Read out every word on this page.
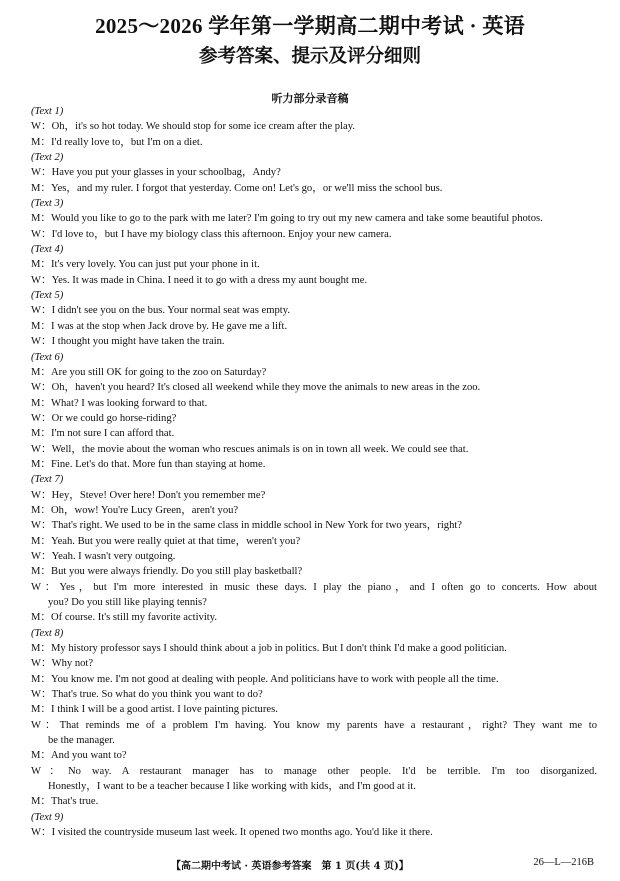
2025～2026 学年第一学期高二期中考试 · 英语
参考答案、提示及评分细则
听力部分录音稿
(Text 1)
W：Oh，it's so hot today. We should stop for some ice cream after the play.
M：I'd really love to，but I'm on a diet.
(Text 2)
W：Have you put your glasses in your schoolbag，Andy?
M：Yes，and my ruler. I forgot that yesterday. Come on! Let's go，or we'll miss the school bus.
(Text 3)
M：Would you like to go to the park with me later? I'm going to try out my new camera and take some beautiful photos.
W：I'd love to，but I have my biology class this afternoon. Enjoy your new camera.
(Text 4)
M：It's very lovely. You can just put your phone in it.
W：Yes. It was made in China. I need it to go with a dress my aunt bought me.
(Text 5)
W：I didn't see you on the bus. Your normal seat was empty.
M：I was at the stop when Jack drove by. He gave me a lift.
W：I thought you might have taken the train.
(Text 6)
M：Are you still OK for going to the zoo on Saturday?
W：Oh，haven't you heard? It's closed all weekend while they move the animals to new areas in the zoo.
M：What? I was looking forward to that.
W：Or we could go horse-riding?
M：I'm not sure I can afford that.
W：Well，the movie about the woman who rescues animals is on in town all week. We could see that.
M：Fine. Let's do that. More fun than staying at home.
(Text 7)
W：Hey，Steve! Over here! Don't you remember me?
M：Oh，wow! You're Lucy Green，aren't you?
W：That's right. We used to be in the same class in middle school in New York for two years，right?
M：Yeah. But you were really quiet at that time，weren't you?
W：Yeah. I wasn't very outgoing.
M：But you were always friendly. Do you still play basketball?
W：Yes，but I'm more interested in music these days. I play the piano，and I often go to concerts. How about
you? Do you still like playing tennis?
M：Of course. It's still my favorite activity.
(Text 8)
M：My history professor says I should think about a job in politics. But I don't think I'd make a good politician.
W：Why not?
M：You know me. I'm not good at dealing with people. And politicians have to work with people all the time.
W：That's true. So what do you think you want to do?
M：I think I will be a good artist. I love painting pictures.
W：That reminds me of a problem I'm having. You know my parents have a restaurant，right? They want me to
be the manager.
M：And you want to?
W：No way. A restaurant manager has to manage other people. It'd be terrible. I'm too disorganized.
Honestly，I want to be a teacher because I like working with kids，and I'm good at it.
M：That's true.
(Text 9)
W：I visited the countryside museum last week. It opened two months ago. You'd like it there.
【高二期中考试 · 英语参考答案　第 1 页(共 4 页)】	26—L—216B
